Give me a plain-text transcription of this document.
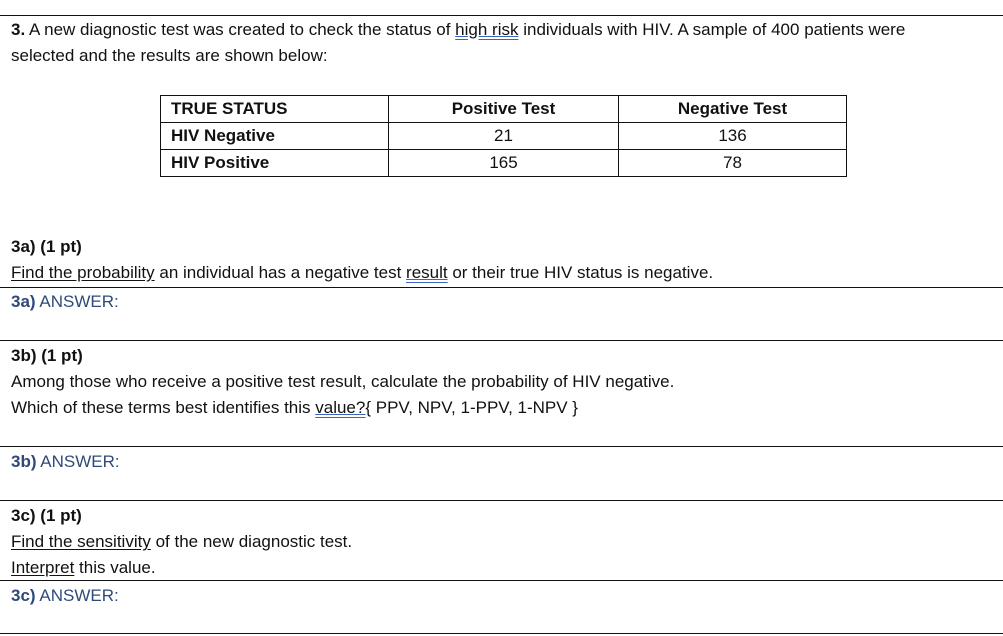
3. A new diagnostic test was created to check the status of high risk individuals with HIV. A sample of 400 patients were
selected and the results are shown below:
TRUE STATUS	Positive Test	Negative Test
HIV Negative	21	136
HIV Positive	165	78
3a) (1 pt)
Find the probability an individual has a negative test result or their true HIV status is negative.
3a) ANSWER:
3b) (1 pt)
Among those who receive a positive test result, calculate the probability of HIV negative.
Which of these terms best identifies this value?{ PPV, NPV, 1-PPV, 1-NPV }
3b) ANSWER:
3c) (1 pt)
Find the sensitivity of the new diagnostic test.
Interpret this value.
3c) ANSWER:
